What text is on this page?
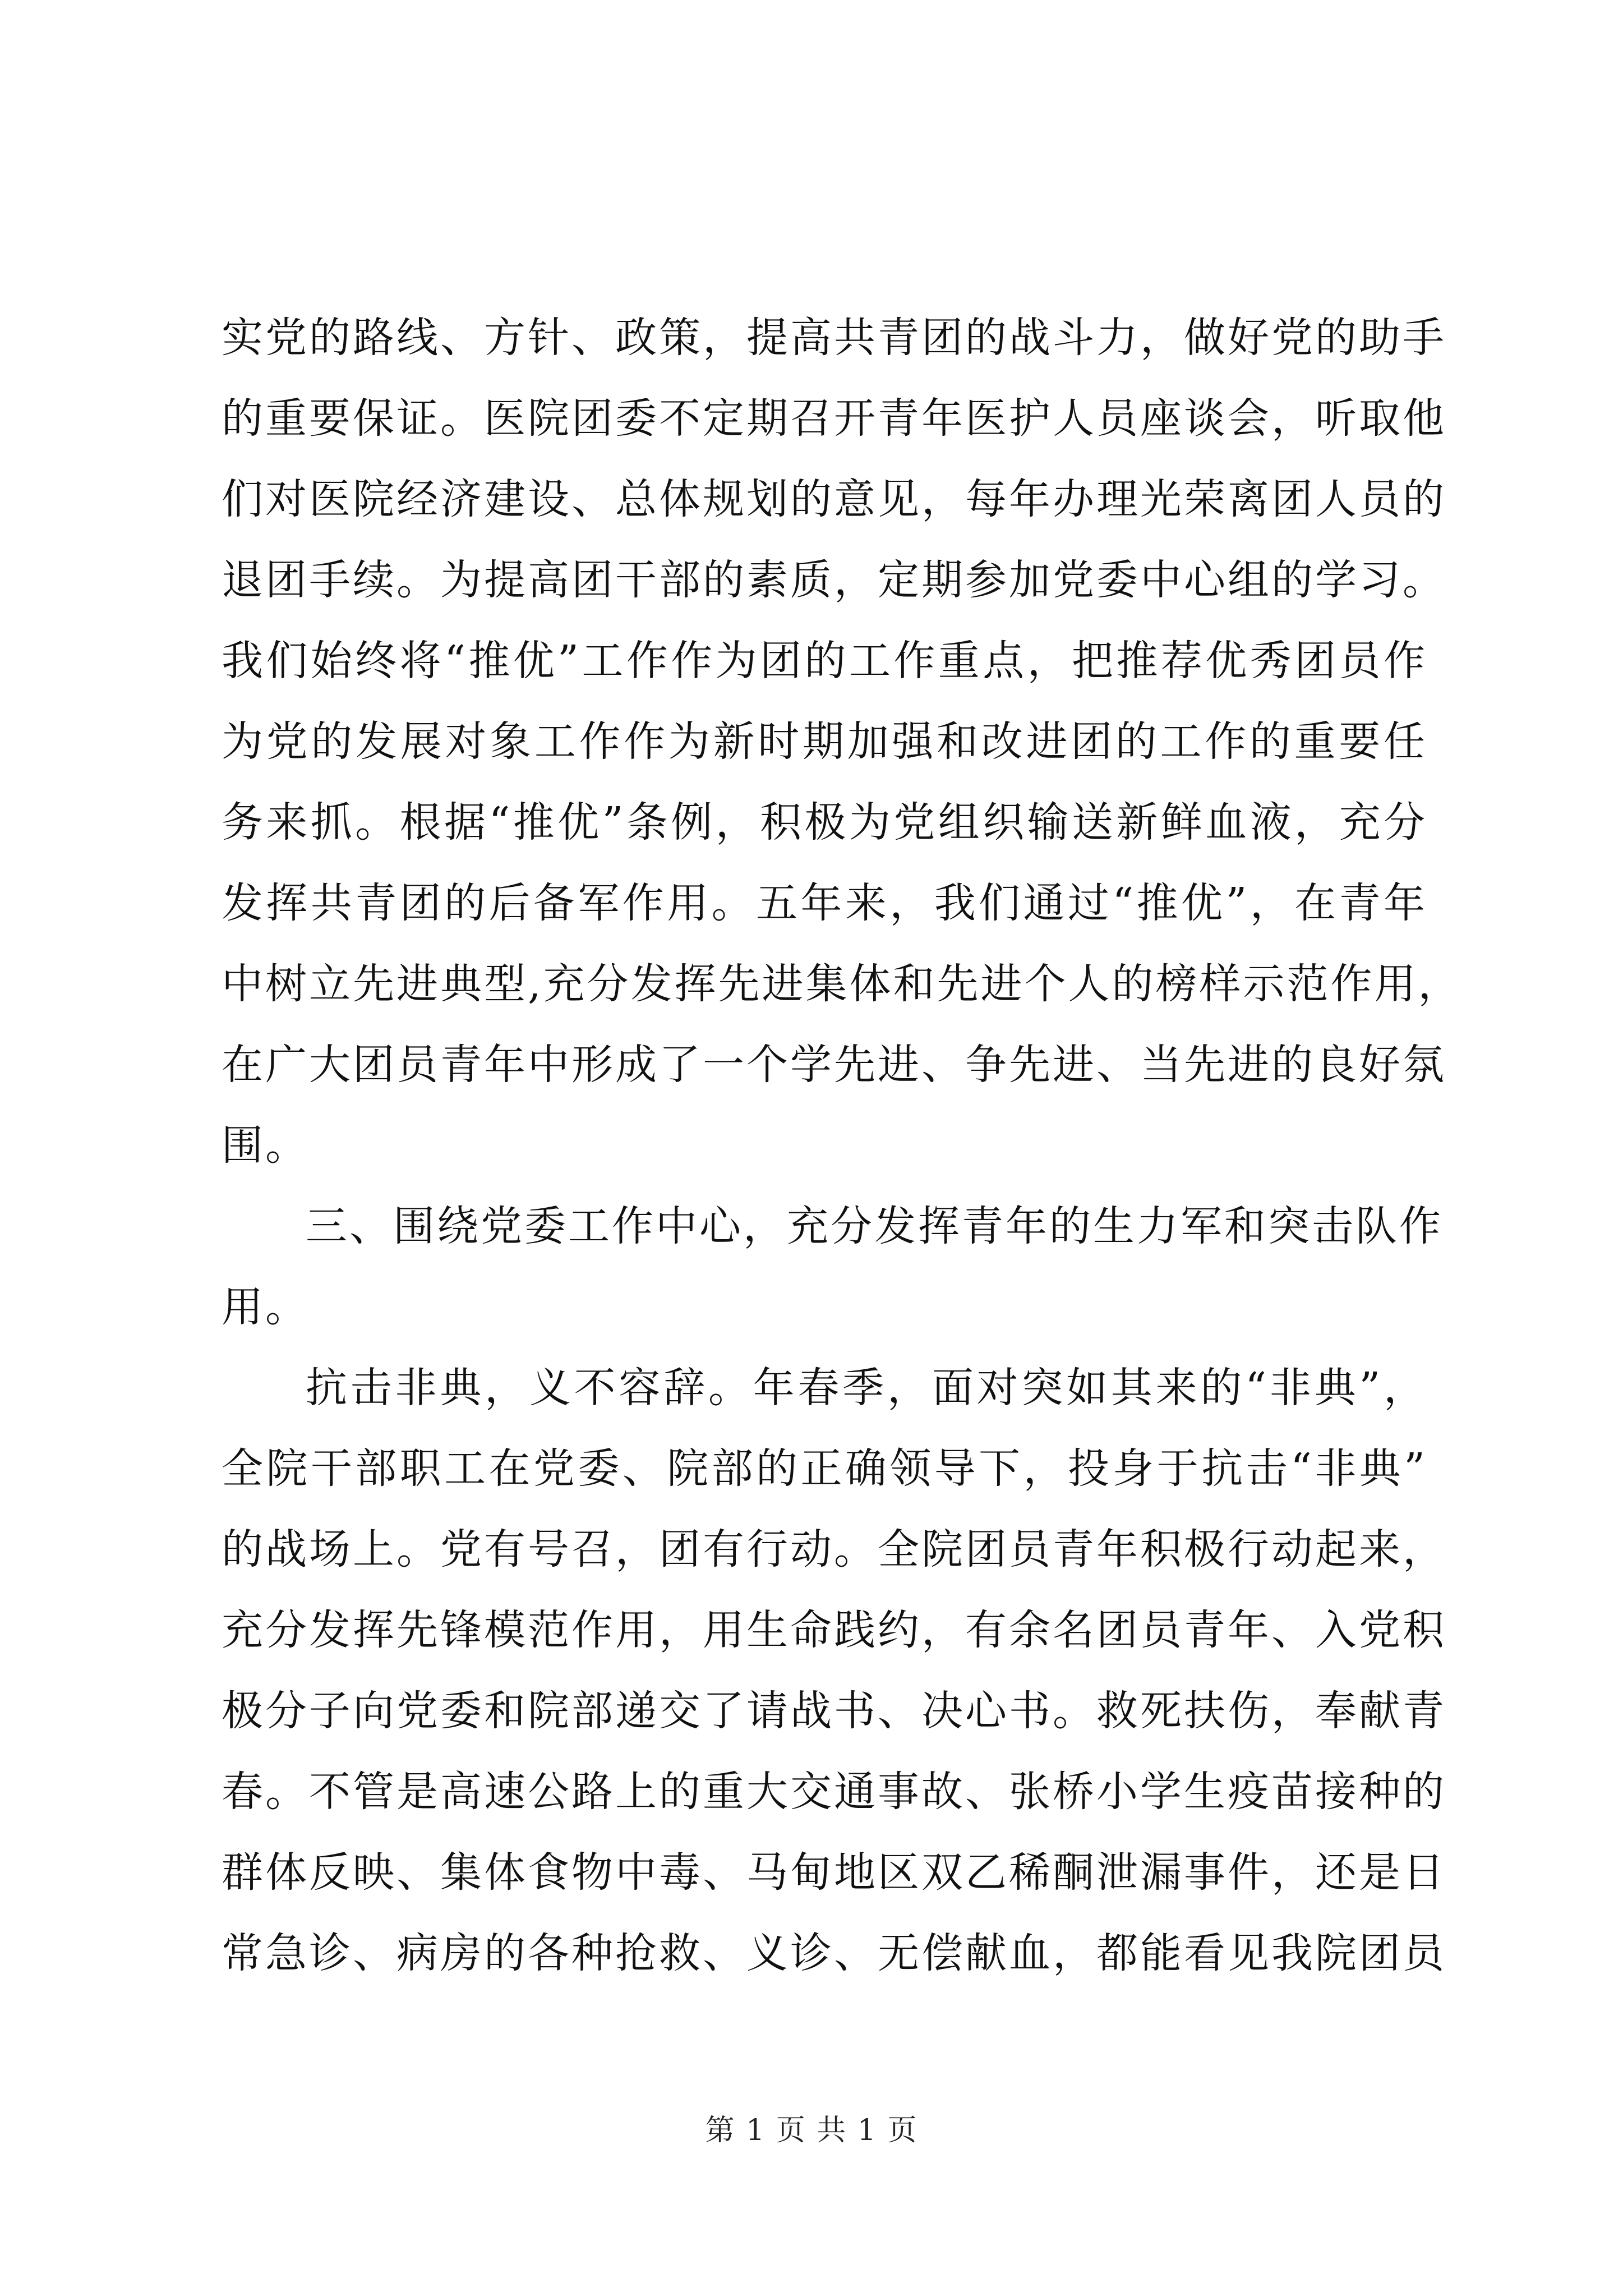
实党的路线、方针、政策，提高共青团的战斗力，做好党的助手
的重要保证。医院团委不定期召开青年医护人员座谈会，听取他
们对医院经济建设、总体规划的意见，每年办理光荣离团人员的
退团手续。为提高团干部的素质，定期参加党委中心组的学习。
我们始终将“推优”工作作为团的工作重点，把推荐优秀团员作
为党的发展对象工作作为新时期加强和改进团的工作的重要任
务来抓。根据“推优”条例，积极为党组织输送新鲜血液，充分
发挥共青团的后备军作用。五年来，我们通过“推优”，在青年
中树立先进典型,充分发挥先进集体和先进个人的榜样示范作用，
在广大团员青年中形成了一个学先进、争先进、当先进的良好氛
围。
三、围绕党委工作中心，充分发挥青年的生力军和突击队作
用。
抗击非典，义不容辞。年春季，面对突如其来的“非典”，
全院干部职工在党委、院部的正确领导下，投身于抗击“非典”
的战场上。党有号召，团有行动。全院团员青年积极行动起来，
充分发挥先锋模范作用，用生命践约，有余名团员青年、入党积
极分子向党委和院部递交了请战书、决心书。救死扶伤，奉献青
春。不管是高速公路上的重大交通事故、张桥小学生疫苗接种的
群体反映、集体食物中毒、马甸地区双乙稀酮泄漏事件，还是日
常急诊、病房的各种抢救、义诊、无偿献血，都能看见我院团员
第 1 页 共 1 页
